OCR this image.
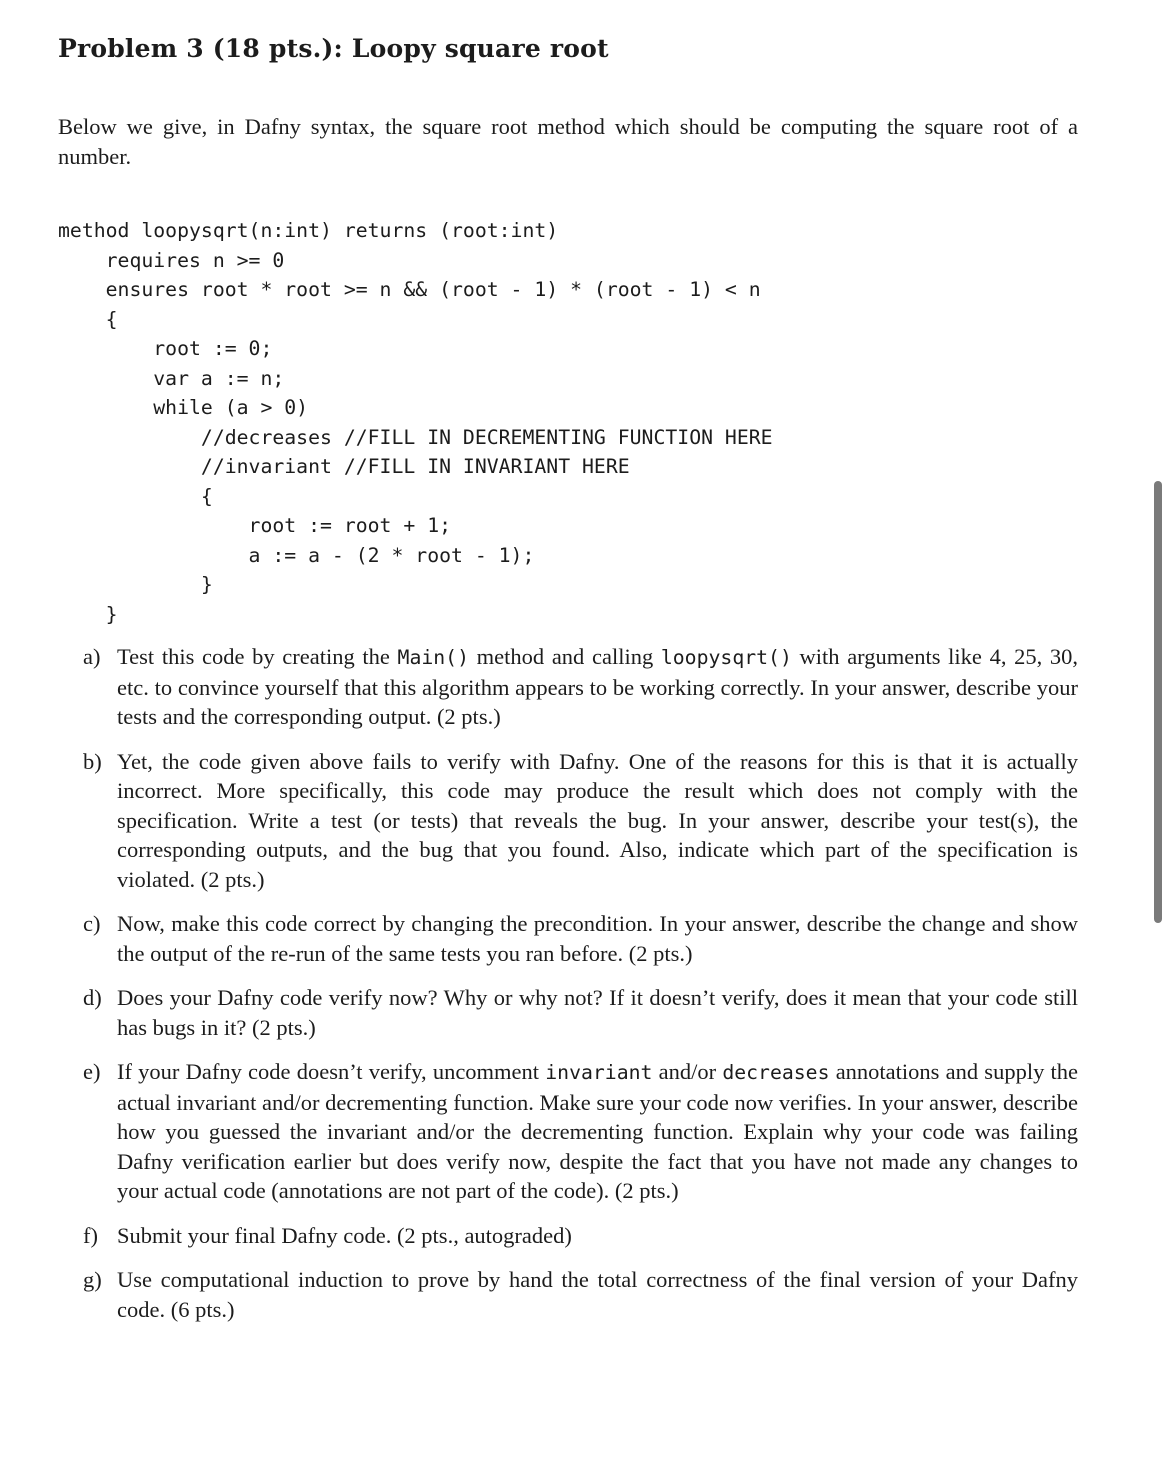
Problem 3 (18 pts.): Loopy square root

Below we give, in Dafny syntax, the square root method which should be computing the square root of a number.

method loopysqrt(n:int) returns (root:int)
requires n >= 0
ensures root * root >= n && (root - 1) * (root - 1) < n
{
root := 0;
var a := n;
while (a > 0)
//decreases //FILL IN DECREMENTING FUNCTION HERE
//invariant //FILL IN INVARIANT HERE
{
root := root + 1;
a := a - (2 * root - 1);
}
}
a) Test this code by creating the Main() method and calling loopysqrt() with arguments like 4, 25, 30, etc. to convince yourself that this algorithm appears to be working correctly. In your answer, describe your tests and the corresponding output. (2 pts.)
b) Yet, the code given above fails to verify with Dafny. One of the reasons for this is that it is actually incorrect. More specifically, this code may produce the result which does not comply with the specification. Write a test (or tests) that reveals the bug. In your answer, describe your test(s), the corresponding outputs, and the bug that you found. Also, indicate which part of the specification is violated. (2 pts.)
c) Now, make this code correct by changing the precondition. In your answer, describe the change and show the output of the re-run of the same tests you ran before. (2 pts.)
d) Does your Dafny code verify now? Why or why not? If it doesn’t verify, does it mean that your code still has bugs in it? (2 pts.)
e) If your Dafny code doesn’t verify, uncomment invariant and/or decreases annotations and supply the actual invariant and/or decrementing function. Make sure your code now verifies. In your answer, describe how you guessed the invariant and/or the decrementing function. Explain why your code was failing Dafny verification earlier but does verify now, despite the fact that you have not made any changes to your actual code (annotations are not part of the code). (2 pts.)
f) Submit your final Dafny code. (2 pts., autograded)
g) Use computational induction to prove by hand the total correctness of the final version of your Dafny code. (6 pts.)
